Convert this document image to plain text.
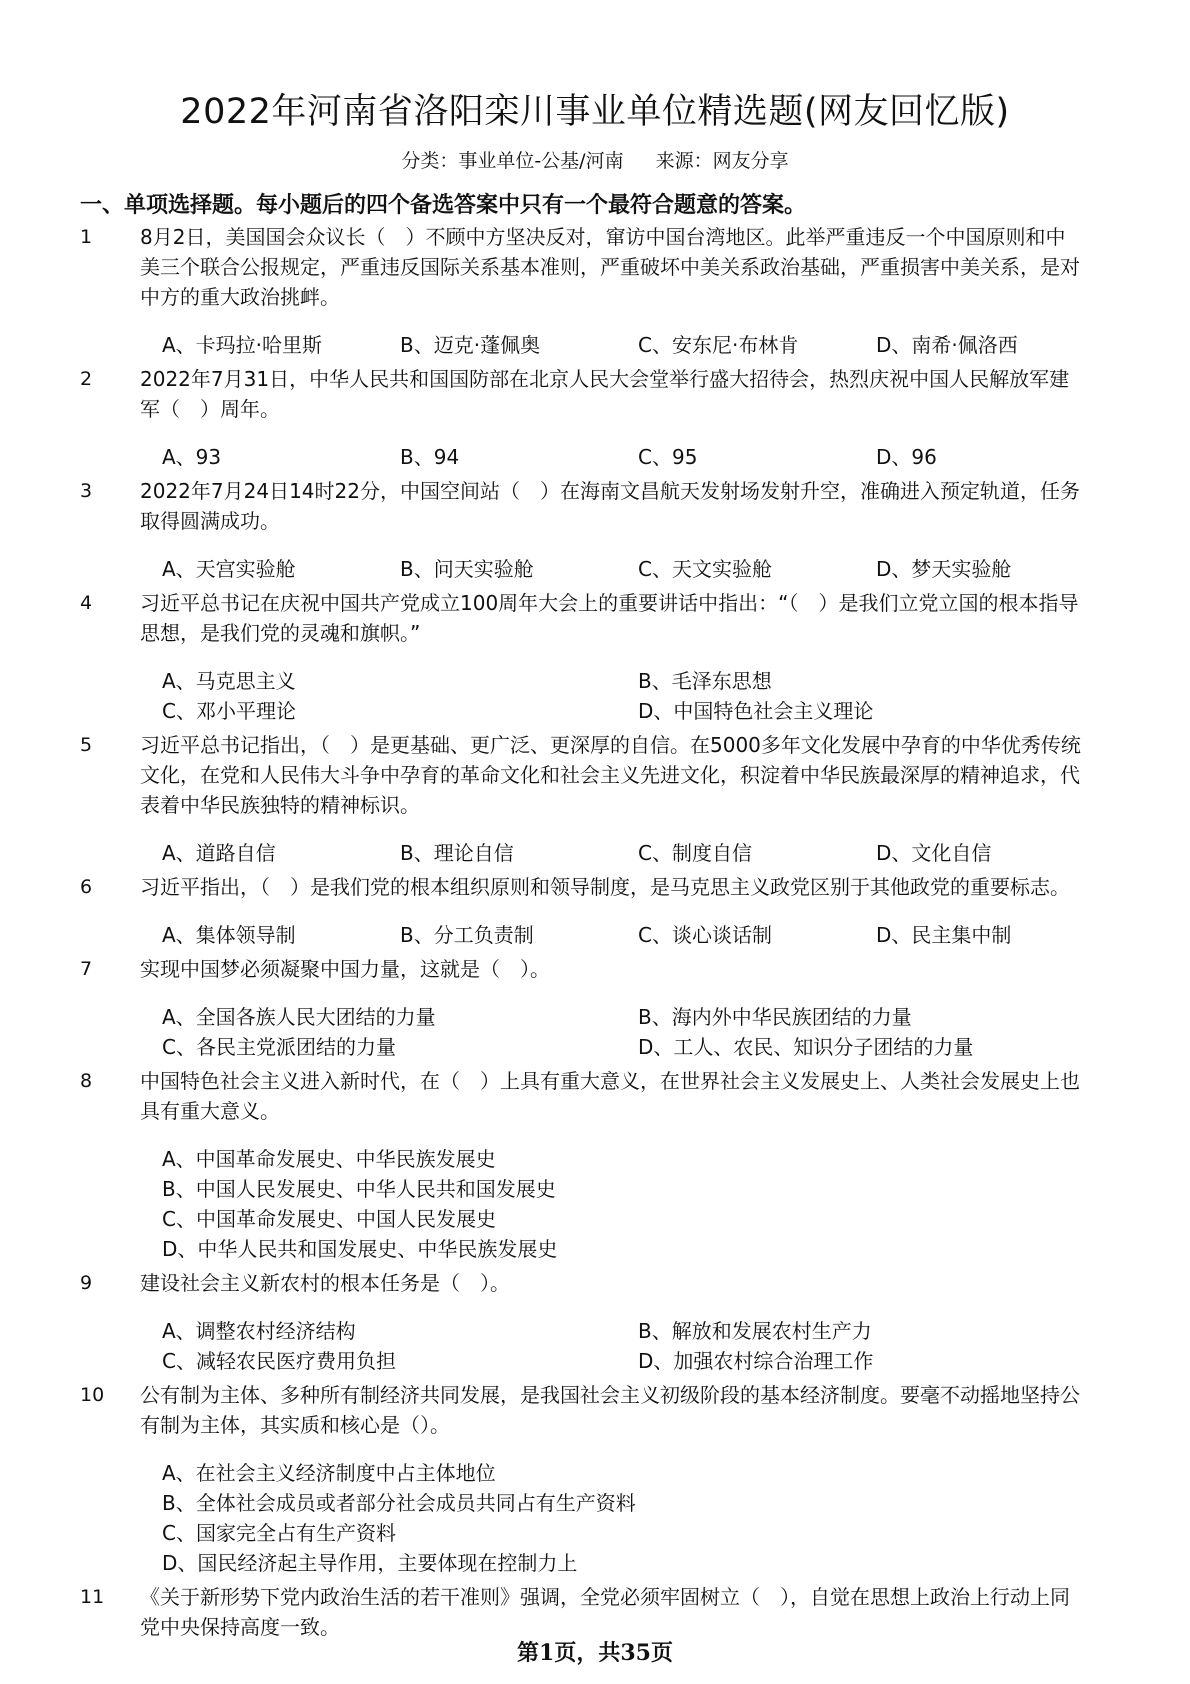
2022年河南省洛阳栾川事业单位精选题(网友回忆版)
分类：事业单位-公基/河南 来源：网友分享
一、单项选择题。每小题后的四个备选答案中只有一个最符合题意的答案。
1 8月2日，美国国会众议长（　）不顾中方坚决反对，窜访中国台湾地区。此举严重违反一个中国原则和中美三个联合公报规定，严重违反国际关系基本准则，严重破坏中美关系政治基础，严重损害中美关系，是对中方的重大政治挑衅。
A、卡玛拉·哈里斯	B、迈克·蓬佩奥	C、安东尼·布林肯	D、南希·佩洛西
2 2022年7月31日，中华人民共和国国防部在北京人民大会堂举行盛大招待会，热烈庆祝中国人民解放军建军（　）周年。
A、93	B、94	C、95	D、96
3 2022年7月24日14时22分，中国空间站（　）在海南文昌航天发射场发射升空，准确进入预定轨道，任务取得圆满成功。
A、天宫实验舱	B、问天实验舱	C、天文实验舱	D、梦天实验舱
4 习近平总书记在庆祝中国共产党成立100周年大会上的重要讲话中指出：“（　）是我们立党立国的根本指导思想，是我们党的灵魂和旗帜。”
A、马克思主义	B、毛泽东思想
C、邓小平理论	D、中国特色社会主义理论
5 习近平总书记指出，（　）是更基础、更广泛、更深厚的自信。在5000多年文化发展中孕育的中华优秀传统文化，在党和人民伟大斗争中孕育的革命文化和社会主义先进文化，积淀着中华民族最深厚的精神追求，代表着中华民族独特的精神标识。
A、道路自信	B、理论自信	C、制度自信	D、文化自信
6 习近平指出，（　）是我们党的根本组织原则和领导制度，是马克思主义政党区别于其他政党的重要标志。
A、集体领导制	B、分工负责制	C、谈心谈话制	D、民主集中制
7 实现中国梦必须凝聚中国力量，这就是（　）。
A、全国各族人民大团结的力量	B、海内外中华民族团结的力量
C、各民主党派团结的力量	D、工人、农民、知识分子团结的力量
8 中国特色社会主义进入新时代，在（　）上具有重大意义，在世界社会主义发展史上、人类社会发展史上也具有重大意义。
A、中国革命发展史、中华民族发展史
B、中国人民发展史、中华人民共和国发展史
C、中国革命发展史、中国人民发展史
D、中华人民共和国发展史、中华民族发展史
9 建设社会主义新农村的根本任务是（　）。
A、调整农村经济结构	B、解放和发展农村生产力
C、减轻农民医疗费用负担	D、加强农村综合治理工作
10 公有制为主体、多种所有制经济共同发展，是我国社会主义初级阶段的基本经济制度。要毫不动摇地坚持公有制为主体，其实质和核心是（）。
A、在社会主义经济制度中占主体地位
B、全体社会成员或者部分社会成员共同占有生产资料
C、国家完全占有生产资料
D、国民经济起主导作用，主要体现在控制力上
11 《关于新形势下党内政治生活的若干准则》强调，全党必须牢固树立（　），自觉在思想上政治上行动上同党中央保持高度一致。
第1页，共35页
